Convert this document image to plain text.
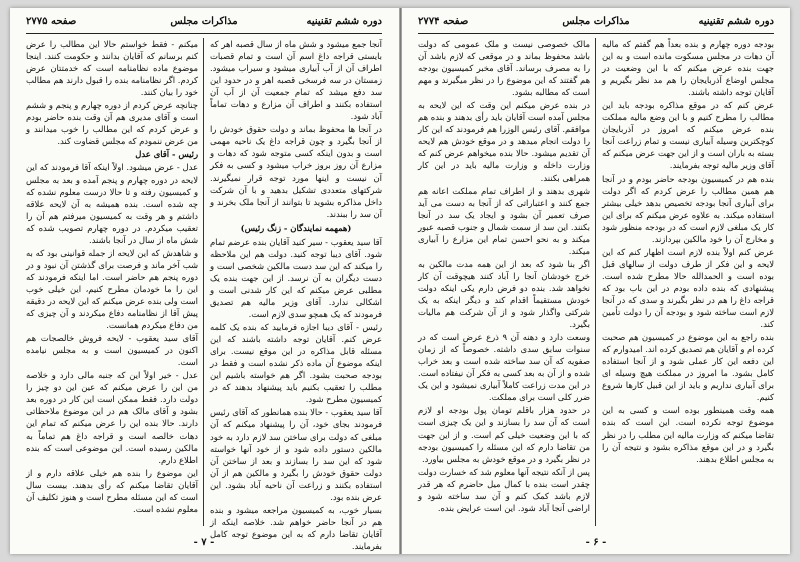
دوره ششم تقنینیه
مذاکرات مجلس
صفحه ۲۷۷۵

آنجا جمع میشود و شش ماه از سال قصبه اهر که بایستی قراجه داغ اسم آن است و تمام قصبات اطراف آن از آب آبیاری میشود و سیراب میشود. زمستان در سه فرسخی قصبه اهر و در حدود این سد دفع میشد که تمام جمعیت آن از آب آن استفاده بکنند و اطراف آن مزارع و دهات تماماً آباد شود.

در آنجا ها محفوظ بماند و دولت حقوق خودش را از آنجا بگیرد و چون قراجه داغ یک ناحیه مهمی است و بدون اینکه کسی متوجه شود که دهات و مزارع آن روز بروز خراب میشود و کسی به فکر آن نیست و اینها مورد توجه قرار نمیگیرند. شرکتهای متعددی تشکیل بدهید و با آن شرکت داخل مذاکره بشوید تا بتوانند از آنجا ملک بخرند و آن سد را ببندند.

(همهمه نمایندگان - زنگ رئیس)

آقا سید یعقوب - سیر کنید آقایان بنده عرضم تمام شود. آقای دیبا توجه کنید. دولت هم این ملاحظه را میکند که این سد دست مالکین شخصی است و دست دیگران به آن نرسد. از این جهت بنده یک مطلبی عرض میکنم که این کار شدنی است و اشکالی ندارد. آقای وزیر مالیه هم تصدیق فرمودند که یک همچو سدی لازم است.

رئیس - آقای دیبا اجازه فرمایید که بنده یک کلمه عرض کنم. آقایان توجه داشته باشند که این مسئله قابل مذاکره در این موقع نیست. برای اینکه موضوع آن ماده ذکر نشده است و فقط در بودجه صحبت بشود. اگر هم خواسته باشیم این مطلب را تعقیب بکنیم باید پیشنهاد بدهند که در کمیسیون مطرح شود.

آقا سید یعقوب - حالا بنده همانطور که آقای رئیس فرمودند بجای خود، آن را پیشنهاد میکنم که آن مبلغی که دولت برای ساختن سد لازم دارد به خود مالکین دستور داده شود و از خود آنها خواسته شود که این سد را بسازند و بعد از ساختن آن دولت حقوق خودش را بگیرد و مالکین هم از آن استفاده بکنند و زراعت آن ناحیه آباد بشود. این عرض بنده بود.

بسیار خوب، به کمیسیون مراجعه میشود و بنده هم در آنجا حاضر خواهم شد. خلاصه اینکه از آقایان تقاضا دارم که به این موضوع توجه کامل بفرمایند.

میکنم - فقط خواستم حالا این مطالب را عرض کنم برسانم که آقایان بدانند و حکومت کنند. اینجا موضوع ماده نظامنامه است که خدمتتان عرض کردم. اگر نظامنامه بنده را قبول دارند هم مطالب خود را بیان کنند.

چنانچه عرض کردم از دوره چهارم و پنجم و ششم است و آقای مدیری هم آن وقت بنده حاضر بودم و عرض کردم که این مطالب را خوب میدانند و من عرض ننمودم که مجلس قضاوت کند.

رئیس - آقای عدل

عدل - عرض میشود. اولاً اینکه آقا فرمودند که این لایحه در دوره چهارم و پنجم آمده و بعد به مجلس و کمیسیون رفته و تا حالا درست معلوم نشده که چه شده است. بنده همیشه به آن لایحه علاقه داشتم و هر وقت به کمیسیون میرفتم هم آن را تعقیب میکردم. در دوره چهارم تصویب شده که شش ماه از سال در آنجا باشند.

و شاهدش که این لایحه از جمله قوانینی بود که به شب آخر ماند و فرصت برای گذشتن آن نبود و در دوره پنجم هم حاضر است. اما اینکه فرمودند که این را ما خودمان مطرح کنیم، این خیلی خوب است ولی بنده عرض میکنم که این لایحه در دقیقه پیش آقا از نظامنامه دفاع میکردند و آن چیزی که من دفاع میکردم همانست.

آقای سید یعقوب - لایحه فروش خالصجات هم اکنون در کمیسیون است و به مجلس نیامده است.

عدل - خیر اولاً این که جنبه مالی دارد و خلاصه من این را عرض میکنم که عین این دو چیز را دولت دارد. فقط ممکن است این کار در دوره بعد بشود و آقای مالک هم در این موضوع ملاحظاتی دارند. حالا بنده این را عرض میکنم که تمام این دهات خالصه است و قراجه داغ هم تماماً به مالکین رسیده است. این موضوعی است که بنده اطلاع دارم.

این موضوع را بنده هم خیلی علاقه دارم و از آقایان تقاضا میکنم که رأی بدهند. بیست سال است که این مسئله مطرح است و هنوز تکلیف آن معلوم نشده است.

- ۷ -
دوره ششم تقنینیه
مذاکرات مجلس
صفحه ۲۷۷۴

بودجه دوره چهارم و بنده بعداً هم گفتم که مالیه آن دهات در مجلس مسکوت مانده است و به این جهت بنده عرض میکنم که با این وضعیت در مجلس اوضاع آذربایجان را هم مد نظر بگیریم و آقایان توجه داشته باشند.

عرض کنم که در موقع مذاکره بودجه باید این مطالب را مطرح کنیم و با این وضع مالیه مملکت بنده عرض میکنم که امروز در آذربایجان کوچکترین وسیله آبیاری نیست و تمام زراعت آنجا بسته به باران است و از این جهت عرض میکنم که آقای وزیر مالیه توجه بفرمایند.

بنده هم در کمیسیون بودجه حاضر بودم و در آنجا هم همین مطالب را عرض کردم که اگر دولت برای آبیاری آنجا بودجه تخصیص بدهد خیلی بیشتر استفاده میکند. به علاوه عرض میکنم که برای این کار یک مبلغی لازم است که در بودجه منظور شود و مخارج آن را خود مالکین بپردازند.

عرض کنم اولاً بنده لازم است اظهار کنم که این لایحه و این فکر از طرف دولت از سالهای قبل بوده است و الحمدالله حالا مطرح شده است. پیشنهادی که بنده داده بودم در این باب بود که قراجه داغ را هم در نظر بگیرند و سدی که در آنجا لازم است ساخته شود و بودجه آن را دولت تأمین کند.

بنده راجع به این موضوع در کمیسیون هم صحبت کرده ام و آقایان هم تصدیق کرده اند. امیدوارم که این دفعه این کار عملی شود و از آنجا استفاده کامل بشود. ما امروز در مملکت هیچ وسیله ای برای آبیاری نداریم و باید از این قبیل کارها شروع کنیم.

همه وقت همینطور بوده است و کسی به این موضوع توجه نکرده است. این است که بنده تقاضا میکنم که وزارت مالیه این مطلب را در نظر بگیرد و در این موقع مذاکره بشود و نتیجه آن را به مجلس اطلاع بدهند.

مالک خصوصی نیست و ملک عمومی که دولت باشد محفوظ بماند و در موقعی که لازم باشد آن را به مصرف برساند. آقای مخبر کمیسیون بودجه هم گفتند که این موضوع را در نظر میگیرند و مهم است که مطالبه بشود.

در بنده عرض میکنم این وقت که این لایحه به مجلس آمده است آقایان باید رأی بدهند و بنده هم موافقم. آقای رئیس الوزرا هم فرمودند که این کار را دولت انجام میدهد و در موقع خودش هم لایحه آن تقدیم میشود. حالا بنده میخواهم عرض کنم که وزارت داخله و وزارت مالیه باید در این کار همراهی بکنند.

شهری بدهند و از اطراف تمام مملکت اعانه هم جمع کنند و اعتباراتی که از آنجا به دست می آید صرف تعمیر آن بشود و ایجاد یک سد در آنجا بکنند. این سد از سمت شمال و جنوب قصبه عبور میکند و به نحو احسن تمام این مزارع را آبیاری میکند.

اگر بنا شود که بعد از این همه مدت مالکین به خرج خودشان آنجا را آباد کنند هیچوقت آن کار نخواهد شد. بنده دو فرض دارم یکی اینکه دولت خودش مستقیماً اقدام کند و دیگر اینکه به یک شرکتی واگذار شود و از آن شرکت هم مالیات بگیرد.

وسعت دارد و دهنه آن ۹ ذرع عرض است که در سنوات سابق سدی داشته. خصوصاً که از زمان صفویه که آن سد ساخته شده است و بعد خراب شده و از آن به بعد کسی به فکر آن نیفتاده است. در این مدت زراعت کاملاً آبیاری نمیشود و این یک ضرر کلی است برای مملکت.

در حدود هزار باقلم تومان پول بودجه او لازم است که آن سد را بسازند و این یک چیزی است که با این وضعیت خیلی کم است. و از این جهت من تقاضا دارم که این مسئله را کمیسیون بودجه در نظر بگیرد و در موقع خودش به مجلس بیاورد.

پس از آنکه نتیجه آنها معلوم شد که خسارت دولت چقدر است بنده با کمال میل حاضرم که هر قدر لازم باشد کمک کنم و آن سد ساخته شود و اراضی آنجا آباد شود. این است عرایض بنده.

- ۶ -
